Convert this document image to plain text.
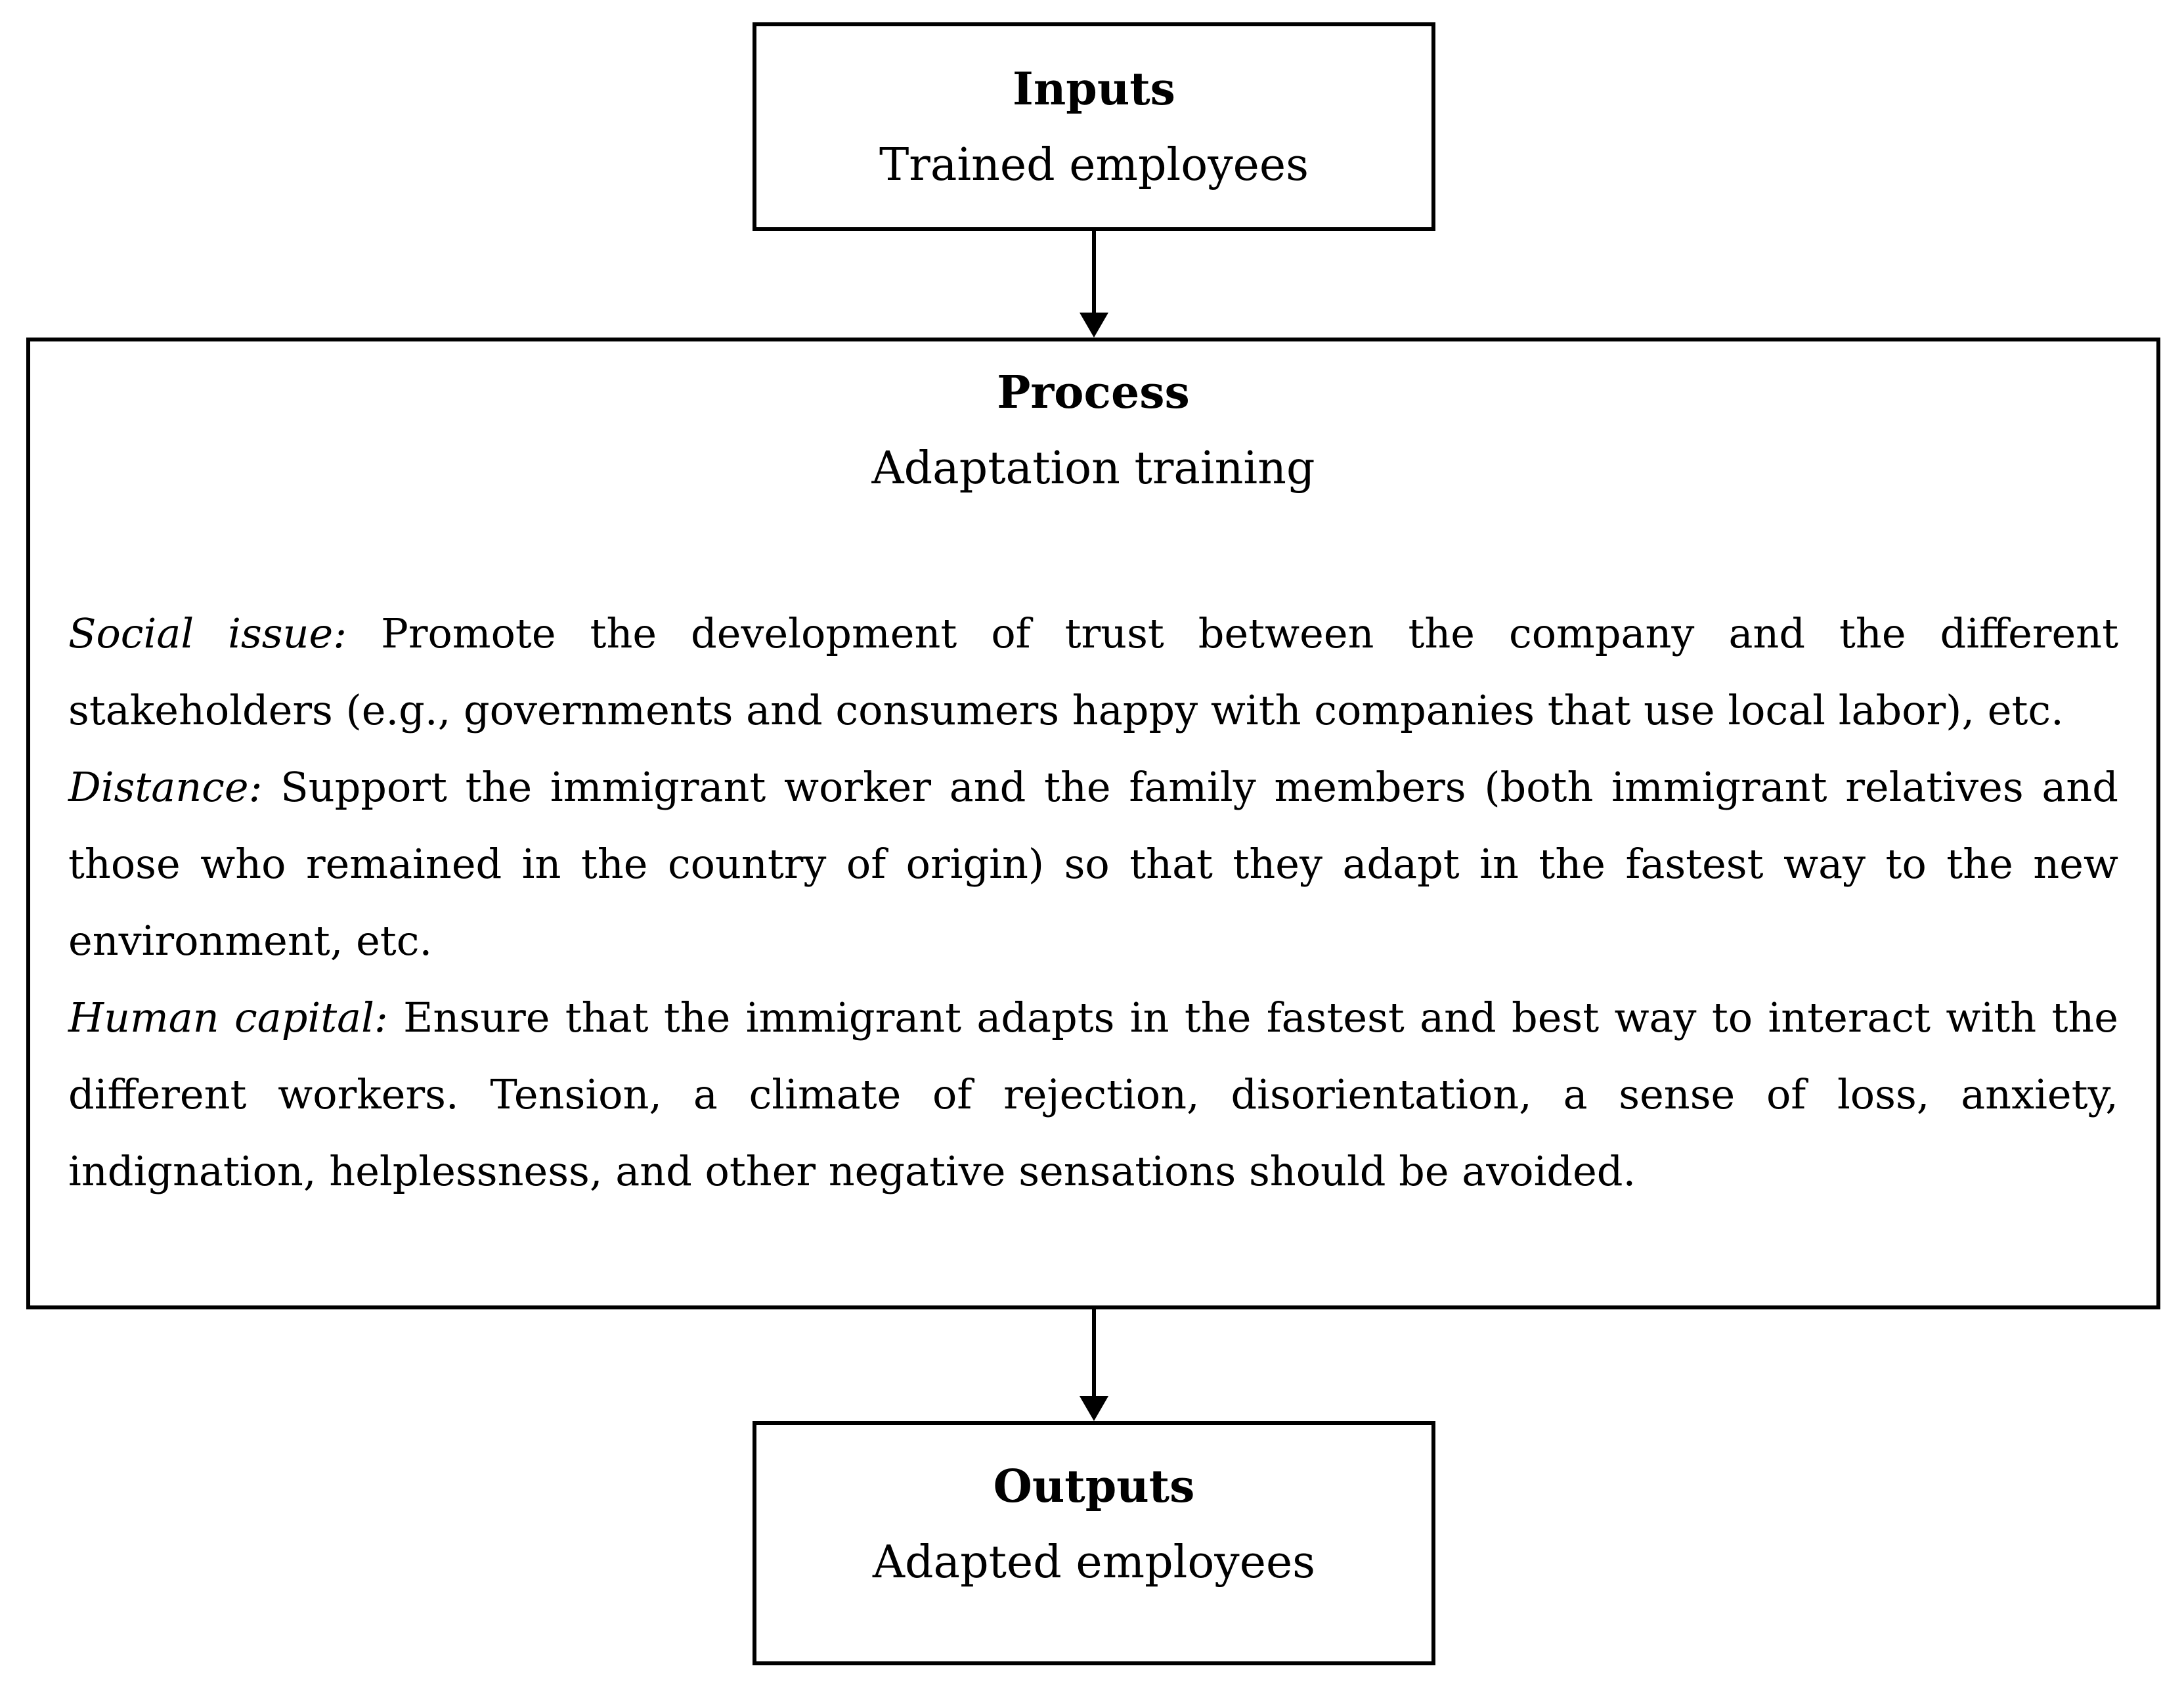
Inputs

Trained employees

Process

Adaptation training

Social issue: Promote the development of trust between the company and the different stakeholders (e.g., governments and consumers happy with companies that use local labor), etc.

Distance: Support the immigrant worker and the family members (both immigrant relatives and those who remained in the country of origin) so that they adapt in the fastest way to the new environment, etc.

Human capital: Ensure that the immigrant adapts in the fastest and best way to interact with the different workers. Tension, a climate of rejection, disorientation, a sense of loss, anxiety, indignation, helplessness, and other negative sensations should be avoided.

Outputs

Adapted employees
